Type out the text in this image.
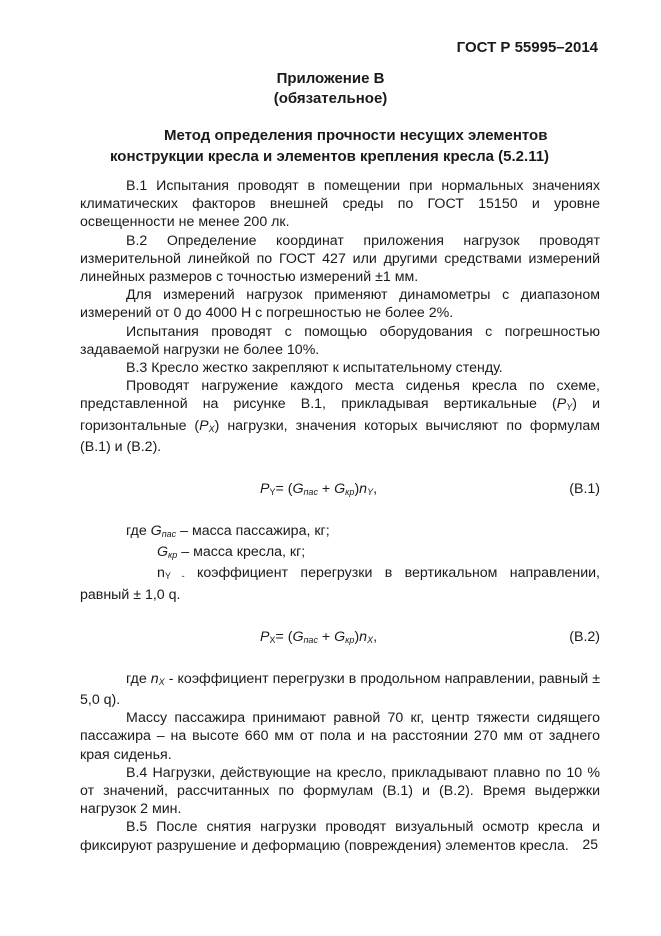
ГОСТ Р 55995–2014
Приложение В
(обязательное)
Метод определения прочности несущих элементов
конструкции кресла и элементов крепления кресла (5.2.11)

В.1 Испытания проводят в помещении при нормальных значениях климатических факторов внешней среды по ГОСТ 15150 и уровне освещенности не менее 200 лк.

В.2 Определение координат приложения нагрузок проводят измерительной линейкой по ГОСТ 427 или другими средствами измерений линейных размеров с точностью измерений ±1 мм.

Для измерений нагрузок применяют динамометры с диапазоном измерений от 0 до 4000 Н с погрешностью не более 2%.

Испытания проводят с помощью оборудования с погрешностью задаваемой нагрузки не более 10%.

В.3 Кресло жестко закрепляют к испытательному стенду.

Проводят нагружение каждого места сиденья кресла по схеме, представленной на рисунке В.1, прикладывая вертикальные $(P_Y)$ и горизонтальные $(P_X)$ нагрузки, значения которых вычисляют по формулам (В.1) и (В.2).

$P_Y= (G_{пас} + G_{кр})n_Y$,	(В.1)

где $G_{пас}$ – масса пассажира, кг;

$G_{кр}$ – масса кресла, кг;

$n_{Y -}$ коэффициент перегрузки в вертикальном направлении, равный ± 1,0 q.

$P_X= (G_{пас} + G_{кр})n_X$,	(В.2)

где $n_X$ - коэффициент перегрузки в продольном направлении, равный ± 5,0 q).

Массу пассажира принимают равной 70 кг, центр тяжести сидящего пассажира – на высоте 660 мм от пола и на расстоянии 270 мм от заднего края сиденья.

В.4 Нагрузки, действующие на кресло, прикладывают плавно по 10 % от значений, рассчитанных по формулам (В.1) и (В.2). Время выдержки нагрузок 2 мин.

В.5 После снятия нагрузки проводят визуальный осмотр кресла и фиксируют разрушение и деформацию (повреждения) элементов кресла. 25
